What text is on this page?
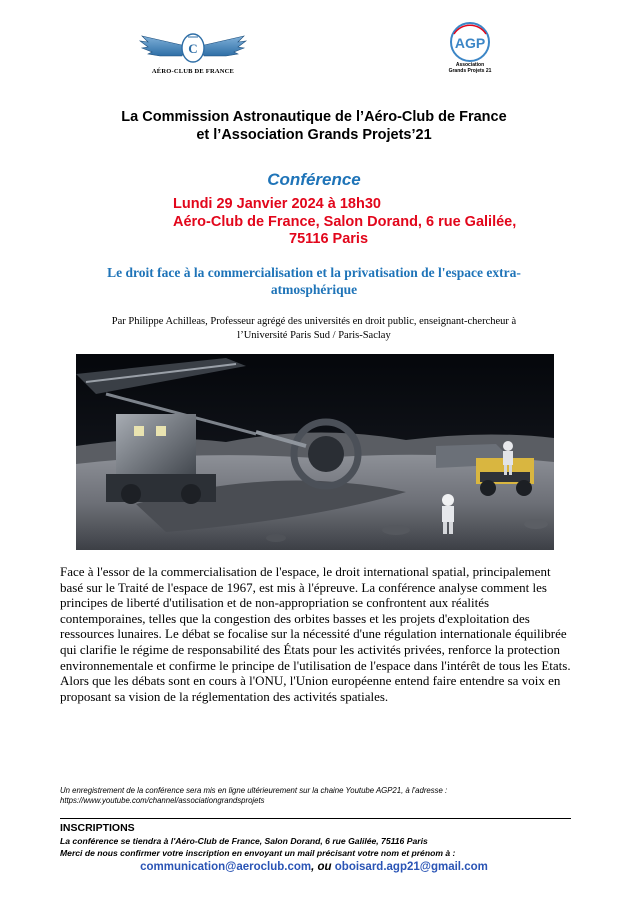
C
AÉRO-CLUB DE FRANCE
AGP
Association
Grands Projets 21
La Commission Astronautique de l’Aéro-Club de France
et l’Association Grands Projets’21
Conférence
Lundi 29 Janvier 2024 à 18h30
Aéro-Club de France, Salon Dorand, 6 rue Galilée,
75116 Paris
Le droit face à la commercialisation et la privatisation de l'espace extra-
atmosphérique
Par Philippe Achilleas, Professeur agrégé des universités en droit public, enseignant-chercheur à
l’Université Paris Sud / Paris-Saclay
Face à l'essor de la commercialisation de l'espace, le droit international spatial, principalement basé sur le Traité de l'espace de 1967, est mis à l'épreuve. La conférence analyse comment les principes de liberté d'utilisation et de non-appropriation se confrontent aux réalités contemporaines, telles que la congestion des orbites basses et les projets d'exploitation des ressources lunaires. Le débat se focalise sur la nécessité d'une régulation internationale équilibrée qui clarifie le régime de responsabilité des États pour les activités privées, renforce la protection environnementale et confirme le principe de l'utilisation de l'espace dans l'intérêt de tous les Etats. Alors que les débats sont en cours à l'ONU, l'Union européenne entend faire entendre sa voix en proposant sa vision de la réglementation des activités spatiales.
Un enregistrement de la conférence sera mis en ligne ultérieurement sur la chaine Youtube AGP21, à l'adresse :
https://www.youtube.com/channel/associationgrandsprojets
INSCRIPTIONS
La conférence se tiendra à l'Aéro-Club de France, Salon Dorand, 6 rue Galilée, 75116 Paris
Merci de nous confirmer votre inscription en envoyant un mail précisant votre nom et prénom à :
communication@aeroclub.com, ou oboisard.agp21@gmail.com
